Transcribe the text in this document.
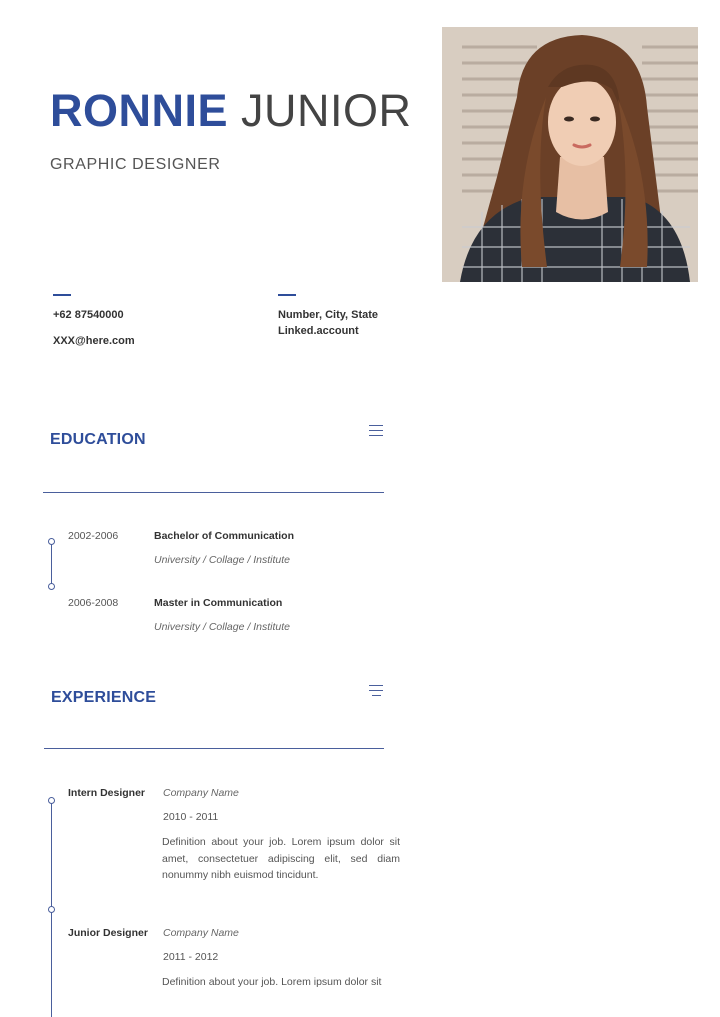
RONNIE JUNIOR
GRAPHIC DESIGNER
+62 87540000
XXX@here.com
Number, City, State
Linked.account
EDUCATION
2002-2006	Bachelor of Communication
University / Collage / Institute
2006-2008	Master in Communication
University / Collage / Institute
EXPERIENCE
Intern Designer Company Name
2010 - 2011
Definition about your job. Lorem ipsum dolor sit amet, consectetuer adipiscing elit, sed diam nonummy nibh euismod tincidunt.
Junior Designer Company Name
2011 - 2012
Definition about your job. Lorem ipsum dolor sit
